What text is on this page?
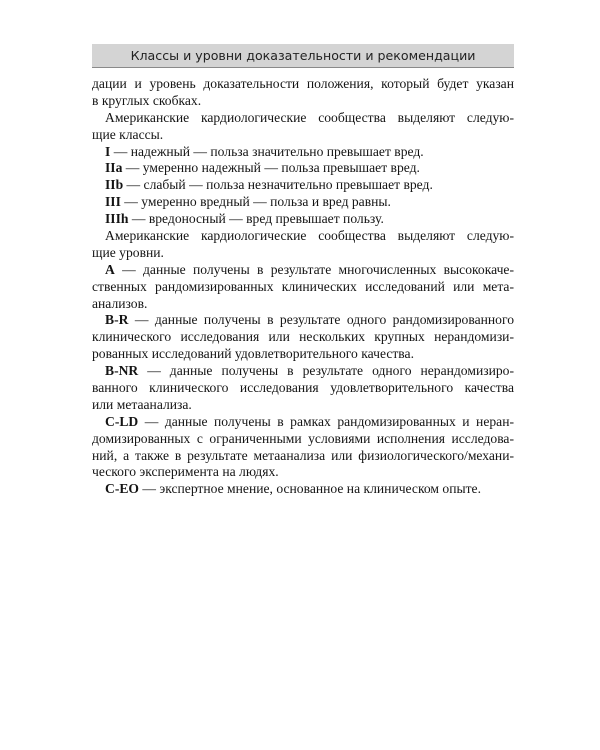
Классы и уровни доказательности и рекомендации
дации и уровень доказательности положения, который будет указан
в круглых скобках.
Американские кардиологические сообщества выделяют следую-
щие классы.
I — надежный — польза значительно превышает вред.
IIa — умеренно надежный — польза превышает вред.
IIb — слабый — польза незначительно превышает вред.
III — умеренно вредный — польза и вред равны.
IIIh — вредоносный — вред превышает пользу.
Американские кардиологические сообщества выделяют следую-
щие уровни.
A — данные получены в результате многочисленных высококаче-
ственных рандомизированных клинических исследований или мета-
анализов.
B-R — данные получены в результате одного рандомизированного
клинического исследования или нескольких крупных нерандомизи-
рованных исследований удовлетворительного качества.
B-NR — данные получены в результате одного нерандомизиро-
ванного клинического исследования удовлетворительного качества
или метаанализа.
C-LD — данные получены в рамках рандомизированных и неран-
домизированных с ограниченными условиями исполнения исследова-
ний, а также в результате метаанализа или физиологического/механи-
ческого эксперимента на людях.
C-EO — экспертное мнение, основанное на клиническом опыте.
